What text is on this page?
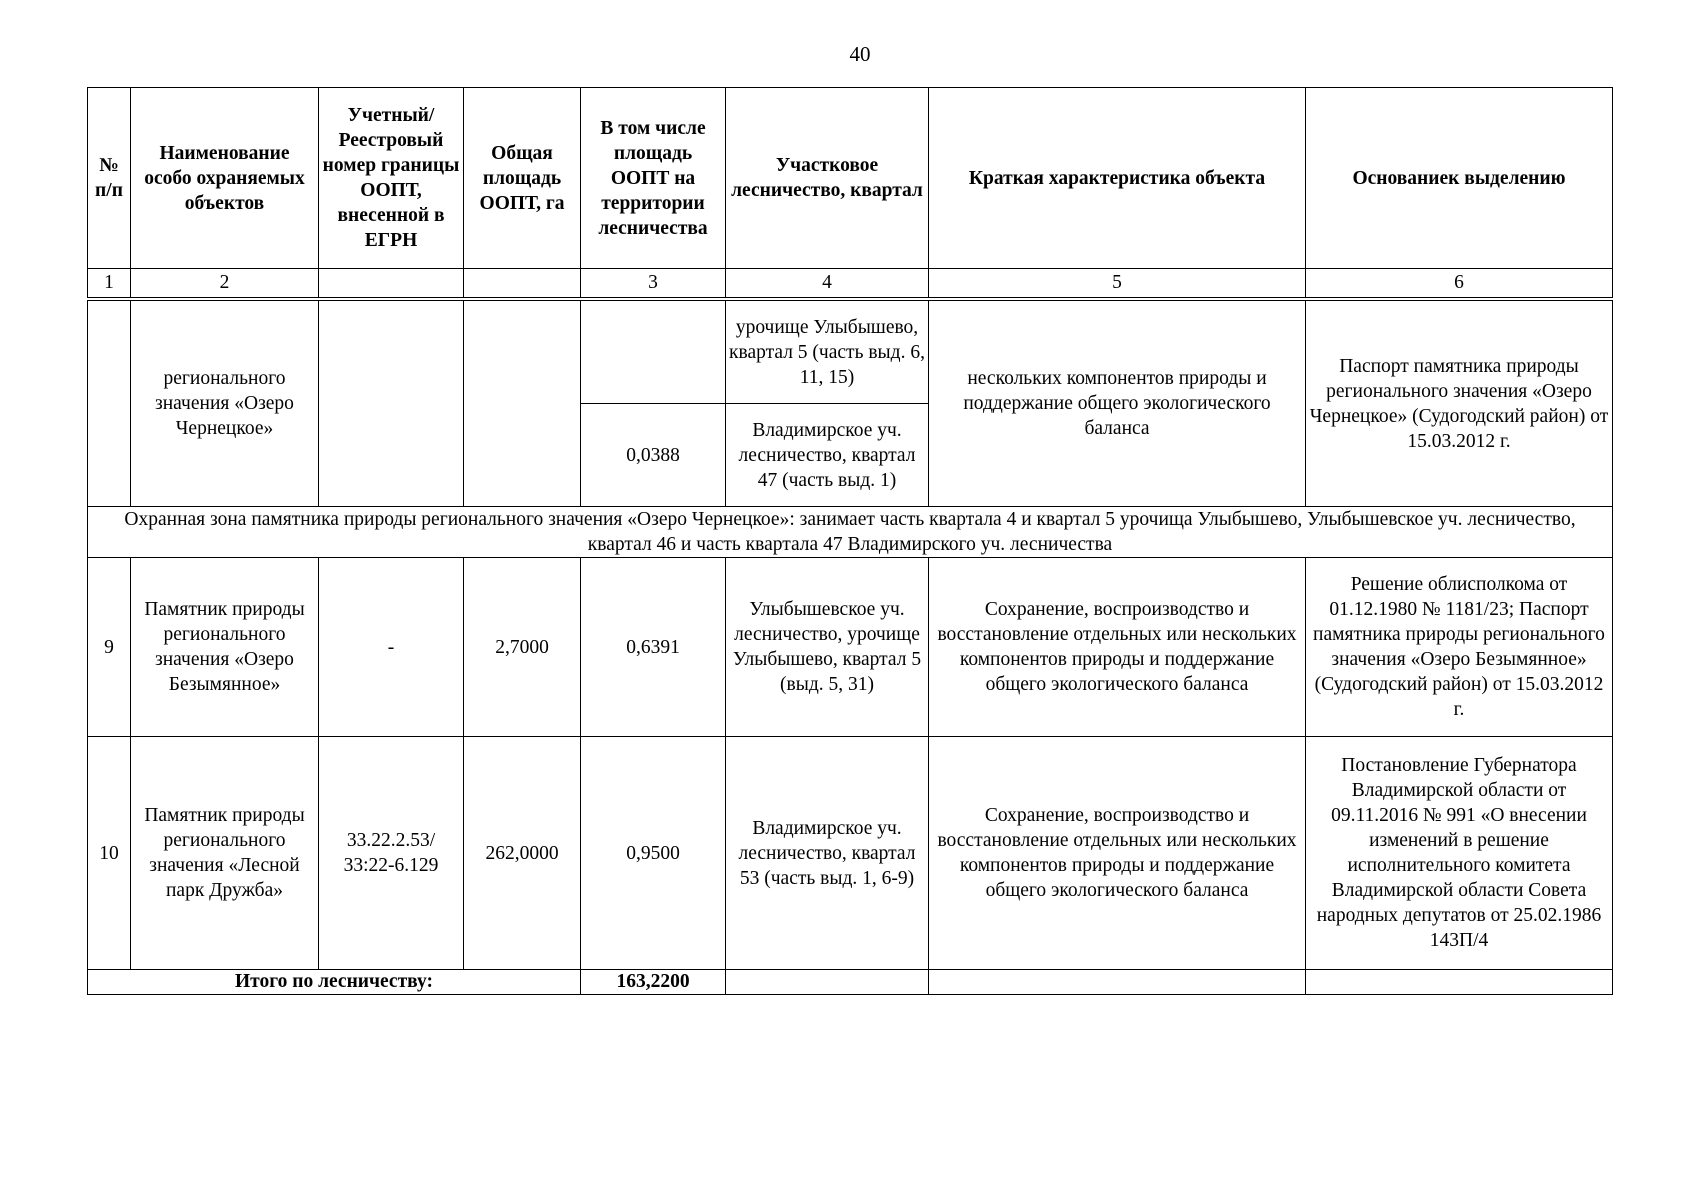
40
№ п/п	Наименование особо охраняемых объектов	Учетный/ Реестровый номер границы ООПТ, внесенной в ЕГРН	Общая площадь ООПТ, га	В том числе площадь ООПТ на территории лесничества	Участковое лесничество, квартал	Краткая характеристика объекта	Основаниек выделению
1	2			3	4	5	6
	регионального значения «Озеро Чернецкое»				урочище Улыбышево, квартал 5 (часть выд. 6, 11, 15)	нескольких компонентов природы и поддержание общего экологического баланса	Паспорт памятника природы регионального значения «Озеро Чернецкое» (Судогодский район) от 15.03.2012 г.
				0,0388	Владимирское уч. лесничество, квартал 47 (часть выд. 1)		
Охранная зона памятника природы регионального значения «Озеро Чернецкое»: занимает часть квартала 4 и квартал 5 урочища Улыбышево, Улыбышевское уч. лесничество, квартал 46 и часть квартала 47 Владимирского уч. лесничества							
9	Памятник природы регионального значения «Озеро Безымянное»	-	2,7000	0,6391	Улыбышевское уч. лесничество, урочище Улыбышево, квартал 5 (выд. 5, 31)	Сохранение, воспроизводство и восстановление отдельных или нескольких компонентов природы и поддержание общего экологического баланса	Решение облисполкома от 01.12.1980 № 1181/23; Паспорт памятника природы регионального значения «Озеро Безымянное» (Судогодский район) от 15.03.2012 г.
10	Памятник природы регионального значения «Лесной парк Дружба»	33.22.2.53/ 33:22-6.129	262,0000	0,9500	Владимирское уч. лесничество, квартал 53 (часть выд. 1, 6-9)	Сохранение, воспроизводство и восстановление отдельных или нескольких компонентов природы и поддержание общего экологического баланса	Постановление Губернатора Владимирской области от 09.11.2016 № 991 «О внесении изменений в решение исполнительного комитета Владимирской области Совета народных депутатов от 25.02.1986 143П/4
Итого по лесничеству:				163,2200			
